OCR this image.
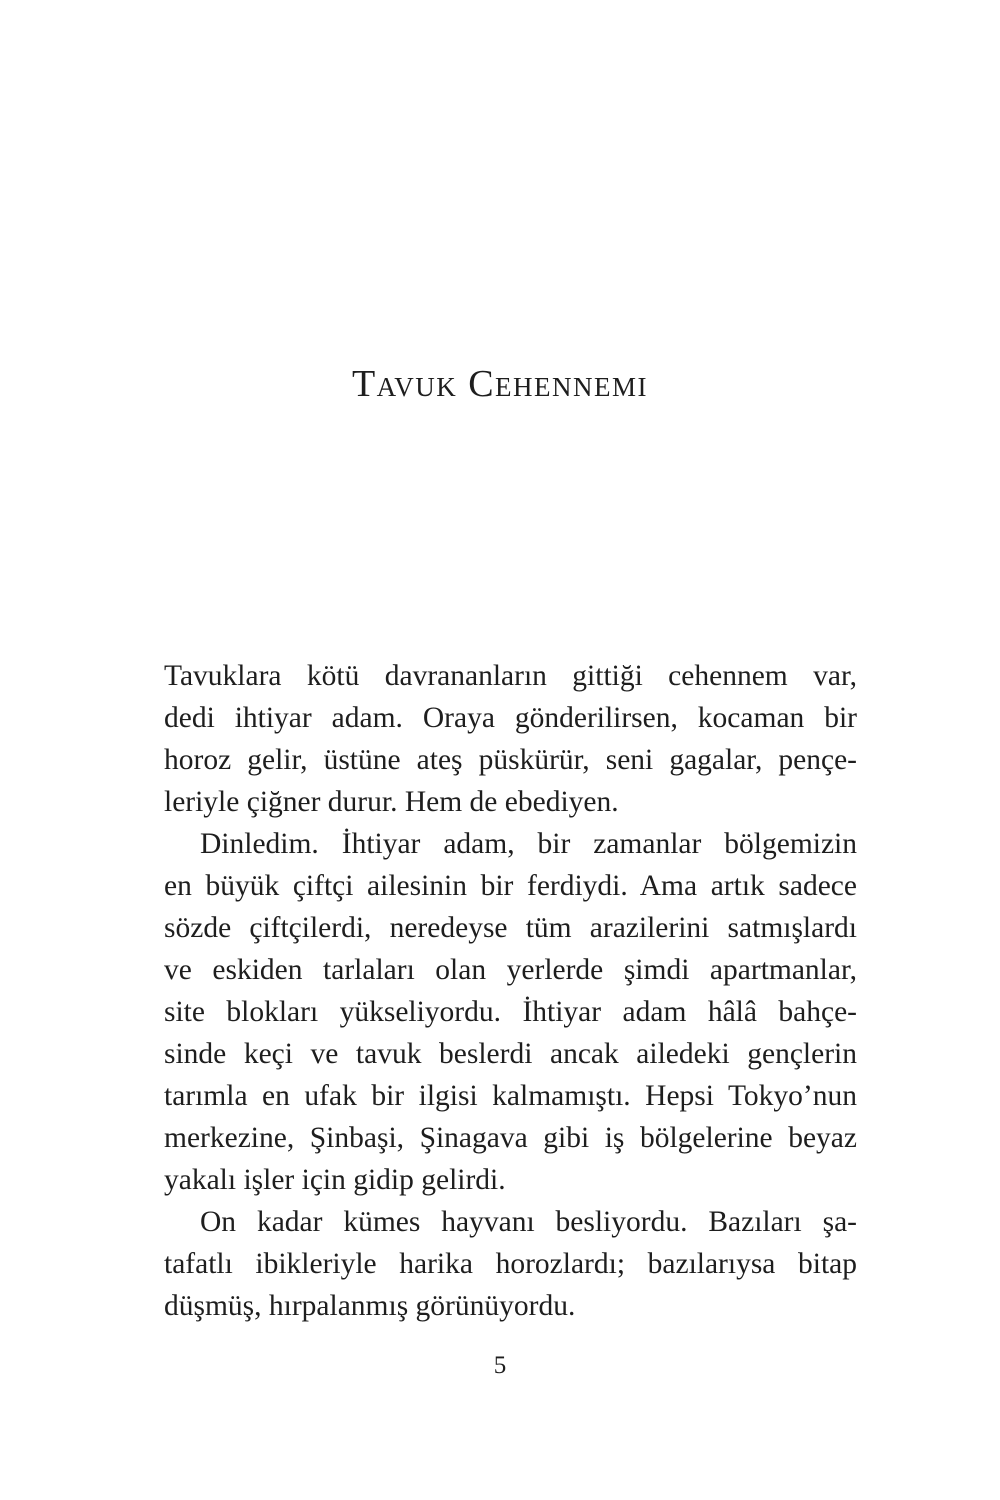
Tavuk Cehennemi
Tavuklara kötü davrananların gittiği cehennem var,
dedi ihtiyar adam. Oraya gönderilirsen, kocaman bir
horoz gelir, üstüne ateş püskürür, seni gagalar, pençe-
leriyle çiğner durur. Hem de ebediyen.
Dinledim. İhtiyar adam, bir zamanlar bölgemizin
en büyük çiftçi ailesinin bir ferdiydi. Ama artık sadece
sözde çiftçilerdi, neredeyse tüm arazilerini satmışlardı
ve eskiden tarlaları olan yerlerde şimdi apartmanlar,
site blokları yükseliyordu. İhtiyar adam hâlâ bahçe-
sinde keçi ve tavuk beslerdi ancak ailedeki gençlerin
tarımla en ufak bir ilgisi kalmamıştı. Hepsi Tokyo’nun
merkezine, Şinbaşi, Şinagava gibi iş bölgelerine beyaz
yakalı işler için gidip gelirdi.
On kadar kümes hayvanı besliyordu. Bazıları şa-
tafatlı ibikleriyle harika horozlardı; bazılarıysa bitap
düşmüş, hırpalanmış görünüyordu.
5
